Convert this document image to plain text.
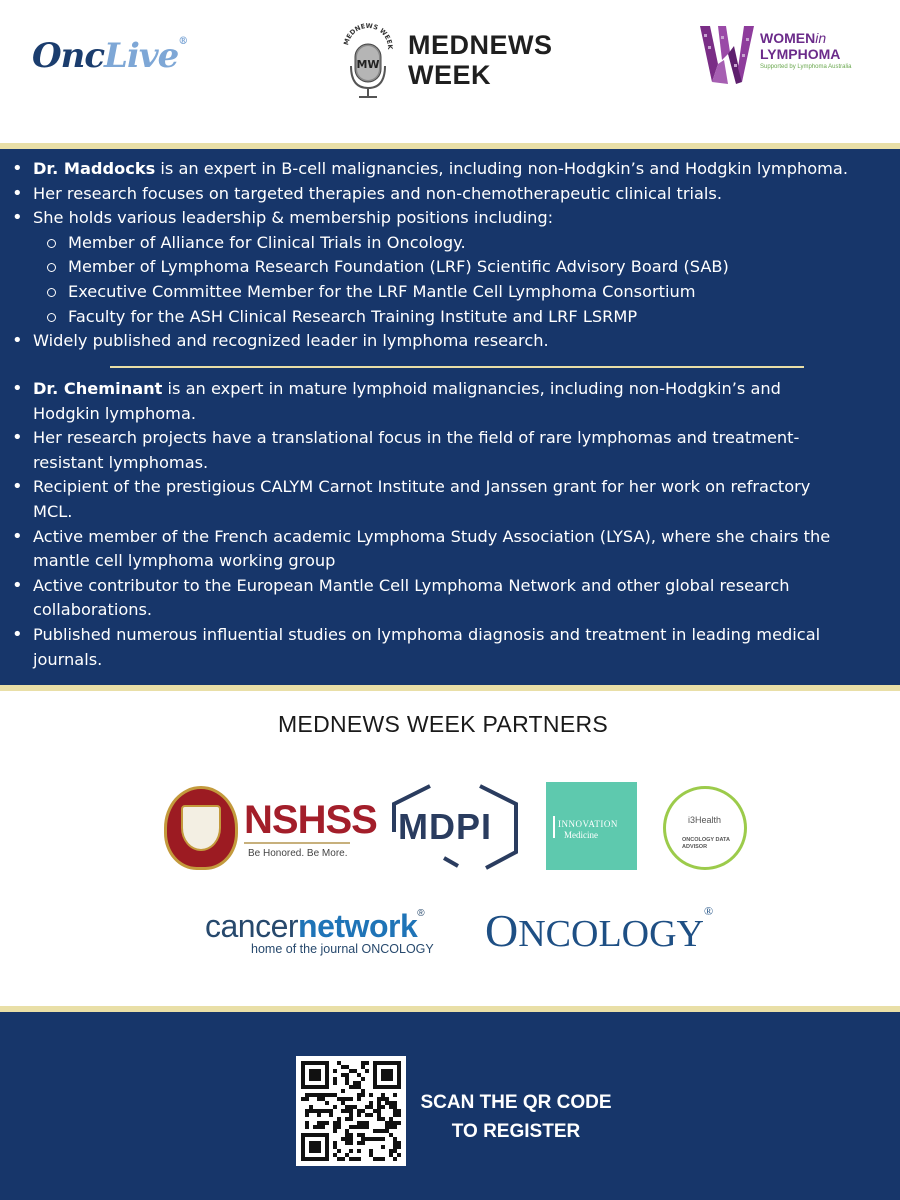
OncLive®	MEDNEWS WEEK
MW
MEDNEWS
WEEK
WOMENin
LYMPHOMA
Supported by Lymphoma Australia
• Dr. Maddocks is an expert in B-cell malignancies, including non-Hodgkin’s and Hodgkin lymphoma.
• Her research focuses on targeted therapies and non-chemotherapeutic clinical trials.
• She holds various leadership & membership positions including:
Member of Alliance for Clinical Trials in Oncology.
Member of Lymphoma Research Foundation (LRF) Scientific Advisory Board (SAB)
Executive Committee Member for the LRF Mantle Cell Lymphoma Consortium
Faculty for the ASH Clinical Research Training Institute and LRF LSRMP
• Widely published and recognized leader in lymphoma research.
• Dr. Cheminant is an expert in mature lymphoid malignancies, including non-Hodgkin’s and
Hodgkin lymphoma.
• Her research projects have a translational focus in the field of rare lymphomas and treatment-
resistant lymphomas.
• Recipient of the prestigious CALYM Carnot Institute and Janssen grant for her work on refractory
MCL.
• Active member of the French academic Lymphoma Study Association (LYSA), where she chairs the
mantle cell lymphoma working group
• Active contributor to the European Mantle Cell Lymphoma Network and other global research
collaborations.
• Published numerous influential studies on lymphoma diagnosis and treatment in leading medical
journals.
MEDNEWS WEEK PARTNERS
NSHSS
Be Honored. Be More.
MDPI	INNOVATION
Medicine
i3Health
ONCOLOGY DATA ADVISOR
cancernetwork®
home of the journal ONCOLOGY ONCOLOGY®
SCAN THE QR CODE
TO REGISTER
